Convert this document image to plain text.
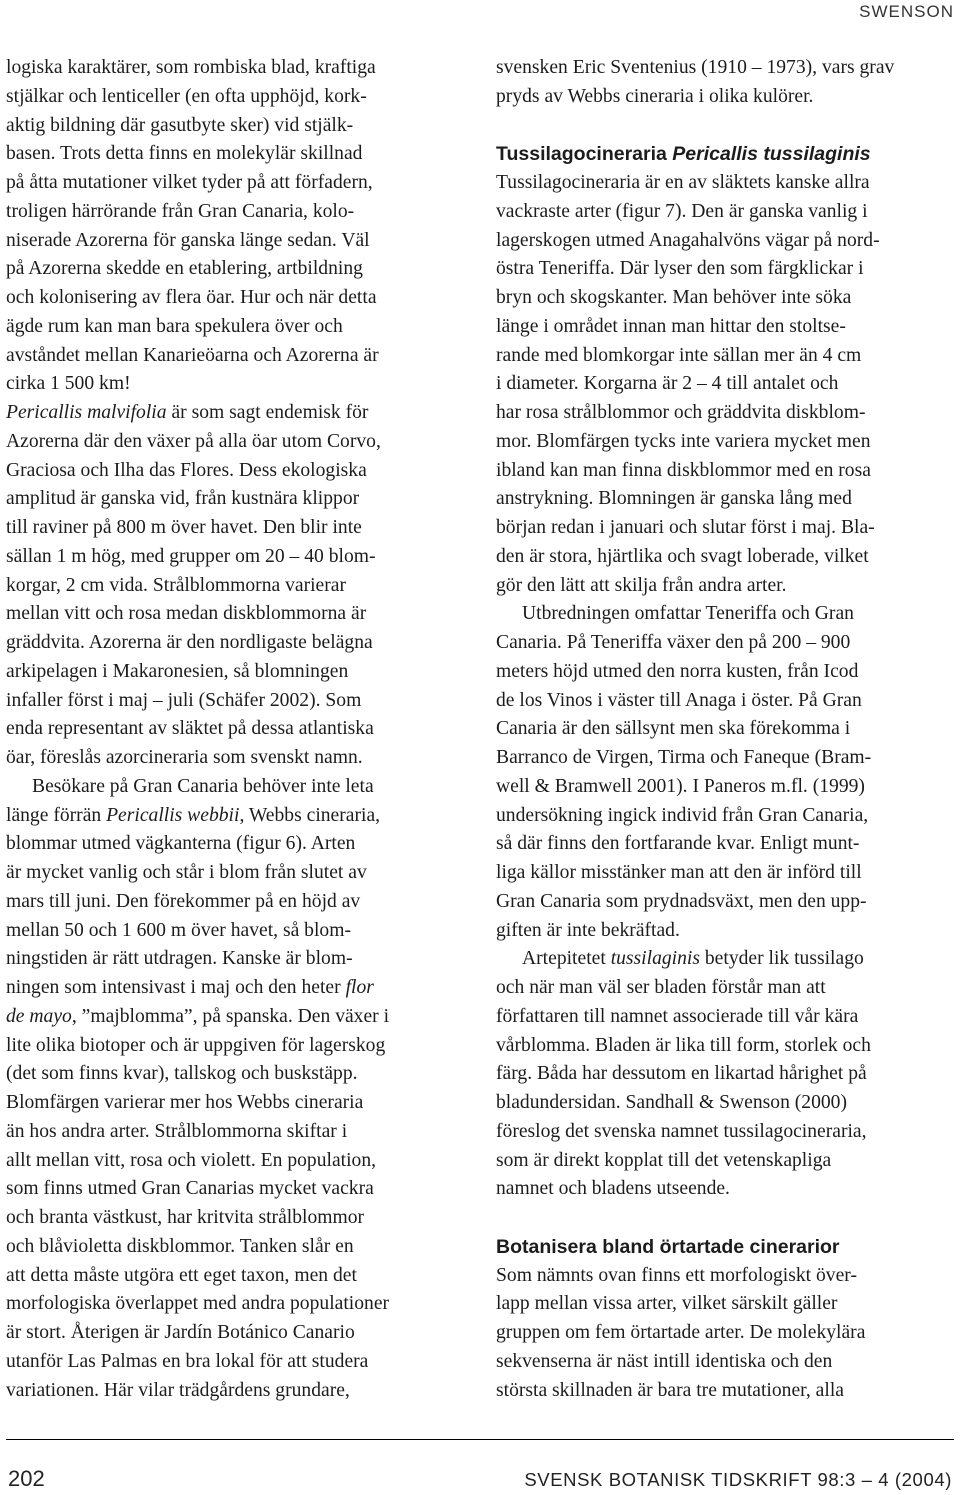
SWENSON

logiska karaktärer, som rombiska blad, kraftiga
stjälkar och lenticeller (en ofta upphöjd, kork-
aktig bildning där gasutbyte sker) vid stjälk-
basen. Trots detta finns en molekylär skillnad
på åtta mutationer vilket tyder på att förfadern,
troligen härrörande från Gran Canaria, kolo-
niserade Azorerna för ganska länge sedan. Väl
på Azorerna skedde en etablering, artbildning
och kolonisering av flera öar. Hur och när detta
ägde rum kan man bara spekulera över och
avståndet mellan Kanarieöarna och Azorerna är
cirka 1 500 km!

Pericallis malvifolia är som sagt endemisk för
Azorerna där den växer på alla öar utom Corvo,
Graciosa och Ilha das Flores. Dess ekologiska
amplitud är ganska vid, från kustnära klippor
till raviner på 800 m över havet. Den blir inte
sällan 1 m hög, med grupper om 20 – 40 blom-
korgar, 2 cm vida. Strålblommorna varierar
mellan vitt och rosa medan diskblommorna är
gräddvita. Azorerna är den nordligaste belägna
arkipelagen i Makaronesien, så blomningen
infaller först i maj – juli (Schäfer 2002). Som
enda representant av släktet på dessa atlantiska
öar, föreslås azorcineraria som svenskt namn.

Besökare på Gran Canaria behöver inte leta
länge förrän Pericallis webbii, Webbs cineraria,
blommar utmed vägkanterna (figur 6). Arten
är mycket vanlig och står i blom från slutet av
mars till juni. Den förekommer på en höjd av
mellan 50 och 1 600 m över havet, så blom-
ningstiden är rätt utdragen. Kanske är blom-
ningen som intensivast i maj och den heter flor
de mayo, ”majblomma”, på spanska. Den växer i
lite olika biotoper och är uppgiven för lagerskog
(det som finns kvar), tallskog och buskstäpp.
Blomfärgen varierar mer hos Webbs cineraria
än hos andra arter. Strålblommorna skiftar i
allt mellan vitt, rosa och violett. En population,
som finns utmed Gran Canarias mycket vackra
och branta västkust, har kritvita strålblommor
och blåvioletta diskblommor. Tanken slår en
att detta måste utgöra ett eget taxon, men det
morfologiska överlappet med andra populationer
är stort. Återigen är Jardín Botánico Canario
utanför Las Palmas en bra lokal för att studera
variationen. Här vilar trädgårdens grundare,

svensken Eric Sventenius (1910 – 1973), vars grav
pryds av Webbs cineraria i olika kulörer.

Tussilagocineraria Pericallis tussilaginis

Tussilagocineraria är en av släktets kanske allra
vackraste arter (figur 7). Den är ganska vanlig i
lagerskogen utmed Anagahalvöns vägar på nord-
östra Teneriffa. Där lyser den som färgklickar i
bryn och skogskanter. Man behöver inte söka
länge i området innan man hittar den stoltse-
rande med blomkorgar inte sällan mer än 4 cm
i diameter. Korgarna är 2 – 4 till antalet och
har rosa strålblommor och gräddvita diskblom-
mor. Blomfärgen tycks inte variera mycket men
ibland kan man finna diskblommor med en rosa
anstrykning. Blomningen är ganska lång med
början redan i januari och slutar först i maj. Bla-
den är stora, hjärtlika och svagt loberade, vilket
gör den lätt att skilja från andra arter.

Utbredningen omfattar Teneriffa och Gran
Canaria. På Teneriffa växer den på 200 – 900
meters höjd utmed den norra kusten, från Icod
de los Vinos i väster till Anaga i öster. På Gran
Canaria är den sällsynt men ska förekomma i
Barranco de Virgen, Tirma och Faneque (Bram-
well & Bramwell 2001). I Paneros m.fl. (1999)
undersökning ingick individ från Gran Canaria,
så där finns den fortfarande kvar. Enligt munt-
liga källor misstänker man att den är införd till
Gran Canaria som prydnadsväxt, men den upp-
giften är inte bekräftad.

Artepitetet tussilaginis betyder lik tussilago
och när man väl ser bladen förstår man att
författaren till namnet associerade till vår kära
vårblomma. Bladen är lika till form, storlek och
färg. Båda har dessutom en likartad hårighet på
bladundersidan. Sandhall & Swenson (2000)
föreslog det svenska namnet tussilagocineraria,
som är direkt kopplat till det vetenskapliga
namnet och bladens utseende.

Botanisera bland örtartade cinerarior

Som nämnts ovan finns ett morfologiskt över-
lapp mellan vissa arter, vilket särskilt gäller
gruppen om fem örtartade arter. De molekylära
sekvenserna är näst intill identiska och den
största skillnaden är bara tre mutationer, alla

202	SVENSK BOTANISK TIDSKRIFT 98:3 – 4 (2004)
